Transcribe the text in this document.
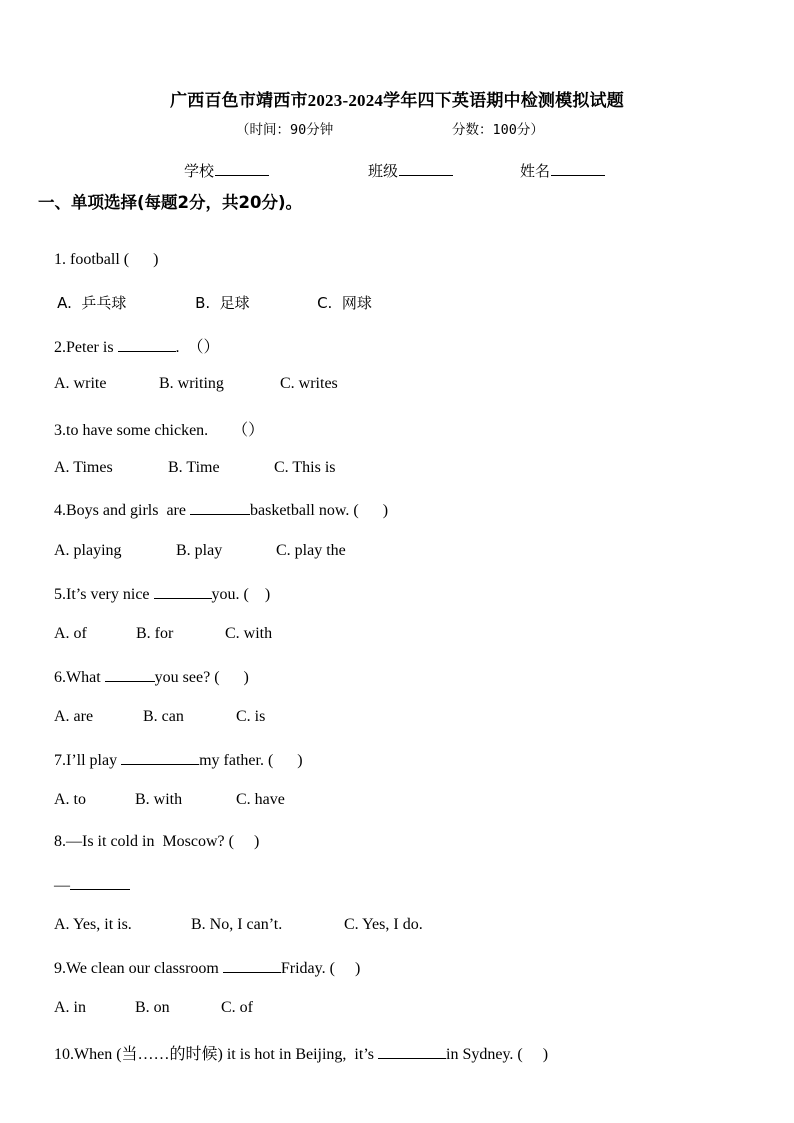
广西百色市靖西市2023-2024学年四下英语期中检测模拟试题
（时间：90分钟	分数：100分）
学校	班级	姓名
一、单项选择(每题2分，共20分)。

1. football (      )

A.  乒乓球	B.  足球	C.  网球

2.Peter is	.  （）

A. write	B. writing	C. writes

3.to have some chicken.      （）

A. Times	B. Time	C. This is

4.Boys and girls  are	basketball now. (      )

A. playing	B. play	C. play the

5.It’s very nice	you. (    )

A. of	B. for	C. with

6.What	you see? (      )

A. are	B. can	C. is

7.I’ll play	my father. (      )

A. to	B. with	C. have

8.—Is it cold in  Moscow? (     )

—

A. Yes, it is.	B. No, I can’t.	C. Yes, I do.

9.We clean our classroom	Friday. (     )

A. in	B. on	C. of

10.When (当……的时候) it is hot in Beijing,  it’s	in Sydney. (     )
